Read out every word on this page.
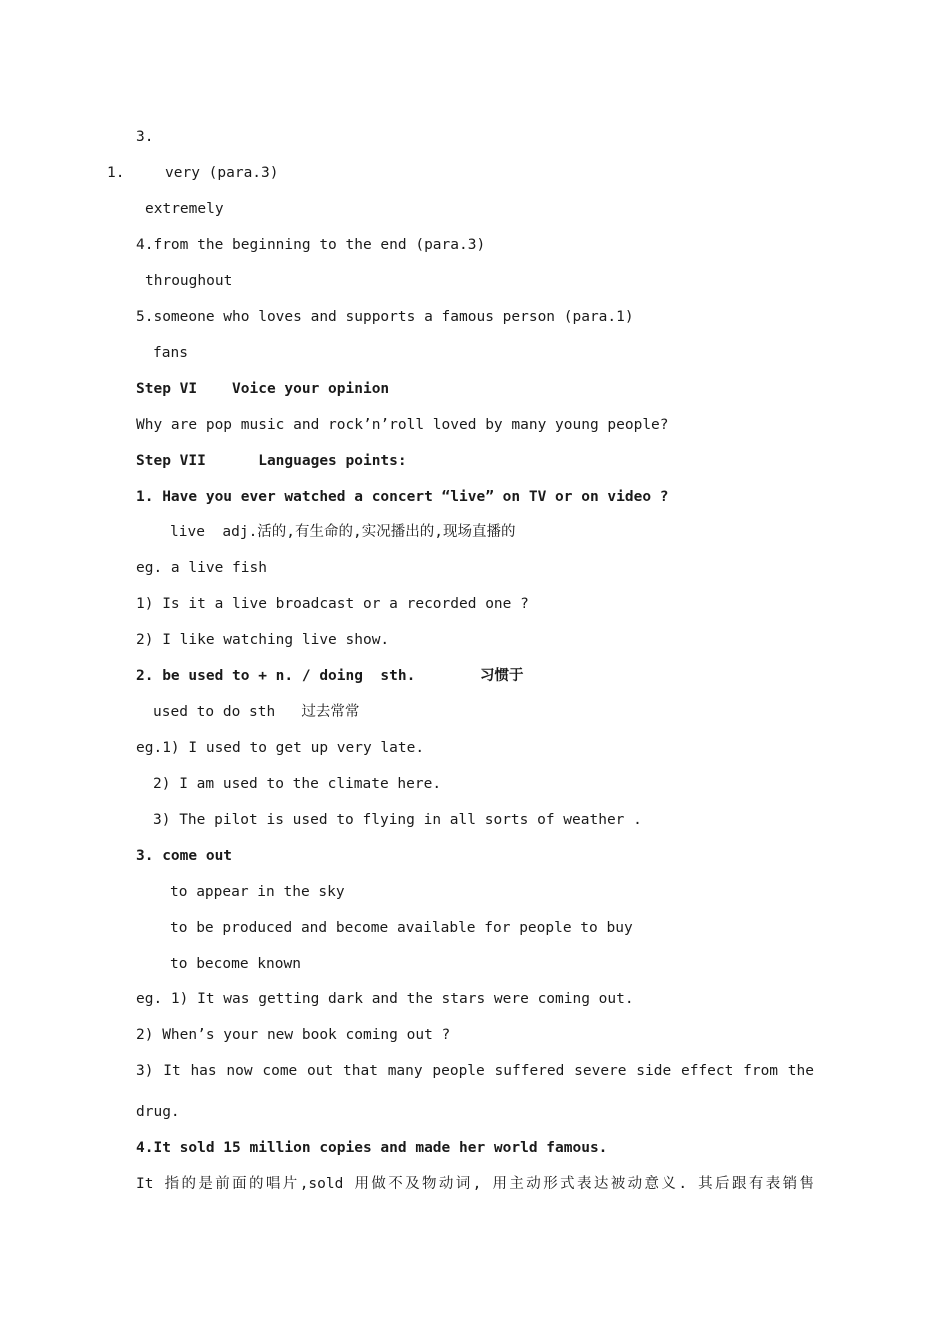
3.
1.	very (para.3)
extremely
4.from the beginning to the end (para.3)
throughout
5.someone who loves and supports a famous person (para.1)
fans
Step VI    Voice your opinion
Why are pop music and rock’n’roll loved by many young people?
Step VII      Languages points:
1. Have you ever watched a concert “live” on TV or on video ?
live  adj.活的,有生命的,实况播出的,现场直播的
eg. a live fish
1) Is it a live broadcast or a recorded one ?
2) I like watching live show.
2. be used to + n. / doing  sth.	习惯于
used to do sth   过去常常
eg.1) I used to get up very late.
2) I am used to the climate here.
3) The pilot is used to flying in all sorts of weather .
3. come out
to appear in the sky
to be produced and become available for people to buy
to become known
eg. 1) It was getting dark and the stars were coming out.
2) When’s your new book coming out ?
3) It has now come out that many people suffered severe side effect from the
drug.
4.It sold 15 million copies and made her world famous.
It 指的是前面的唱片,sold 用做不及物动词, 用主动形式表达被动意义. 其后跟有表销售
